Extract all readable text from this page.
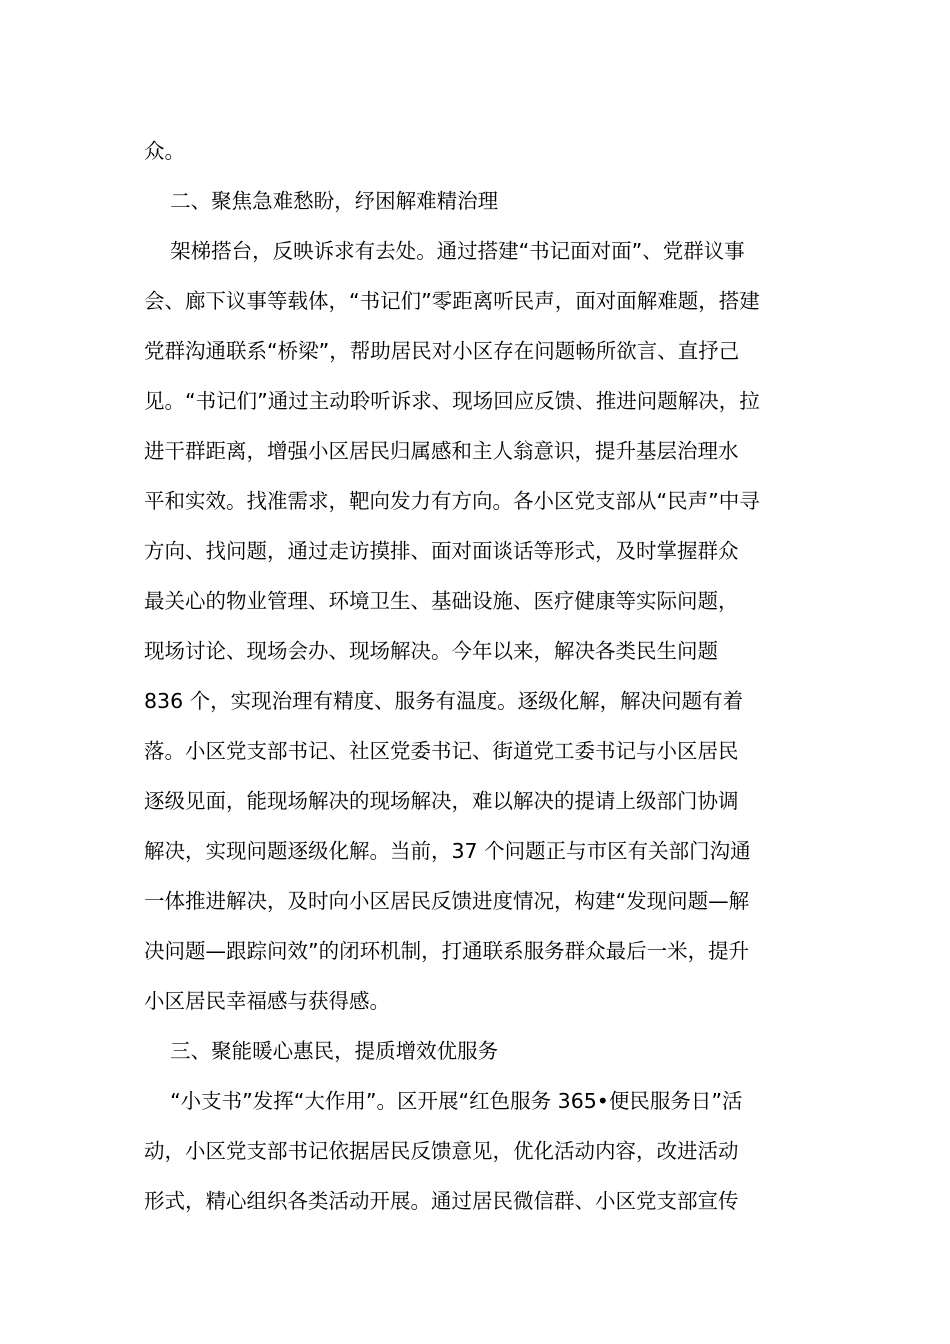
众。
二、聚焦急难愁盼，纾困解难精治理
架梯搭台，反映诉求有去处。通过搭建“书记面对面”、党群议事
会、廊下议事等载体，“书记们”零距离听民声，面对面解难题，搭建
党群沟通联系“桥梁”，帮助居民对小区存在问题畅所欲言、直抒己
见。“书记们”通过主动聆听诉求、现场回应反馈、推进问题解决，拉
进干群距离，增强小区居民归属感和主人翁意识，提升基层治理水
平和实效。找准需求，靶向发力有方向。各小区党支部从“民声”中寻
方向、找问题，通过走访摸排、面对面谈话等形式，及时掌握群众
最关心的物业管理、环境卫生、基础设施、医疗健康等实际问题，
现场讨论、现场会办、现场解决。今年以来，解决各类民生问题
836 个，实现治理有精度、服务有温度。逐级化解，解决问题有着
落。小区党支部书记、社区党委书记、街道党工委书记与小区居民
逐级见面，能现场解决的现场解决，难以解决的提请上级部门协调
解决，实现问题逐级化解。当前，37 个问题正与市区有关部门沟通
一体推进解决，及时向小区居民反馈进度情况，构建“发现问题—解
决问题—跟踪问效”的闭环机制，打通联系服务群众最后一米，提升
小区居民幸福感与获得感。
三、聚能暖心惠民，提质增效优服务
“小支书”发挥“大作用”。区开展“红色服务 365•便民服务日”活
动，小区党支部书记依据居民反馈意见，优化活动内容，改进活动
形式，精心组织各类活动开展。通过居民微信群、小区党支部宣传
